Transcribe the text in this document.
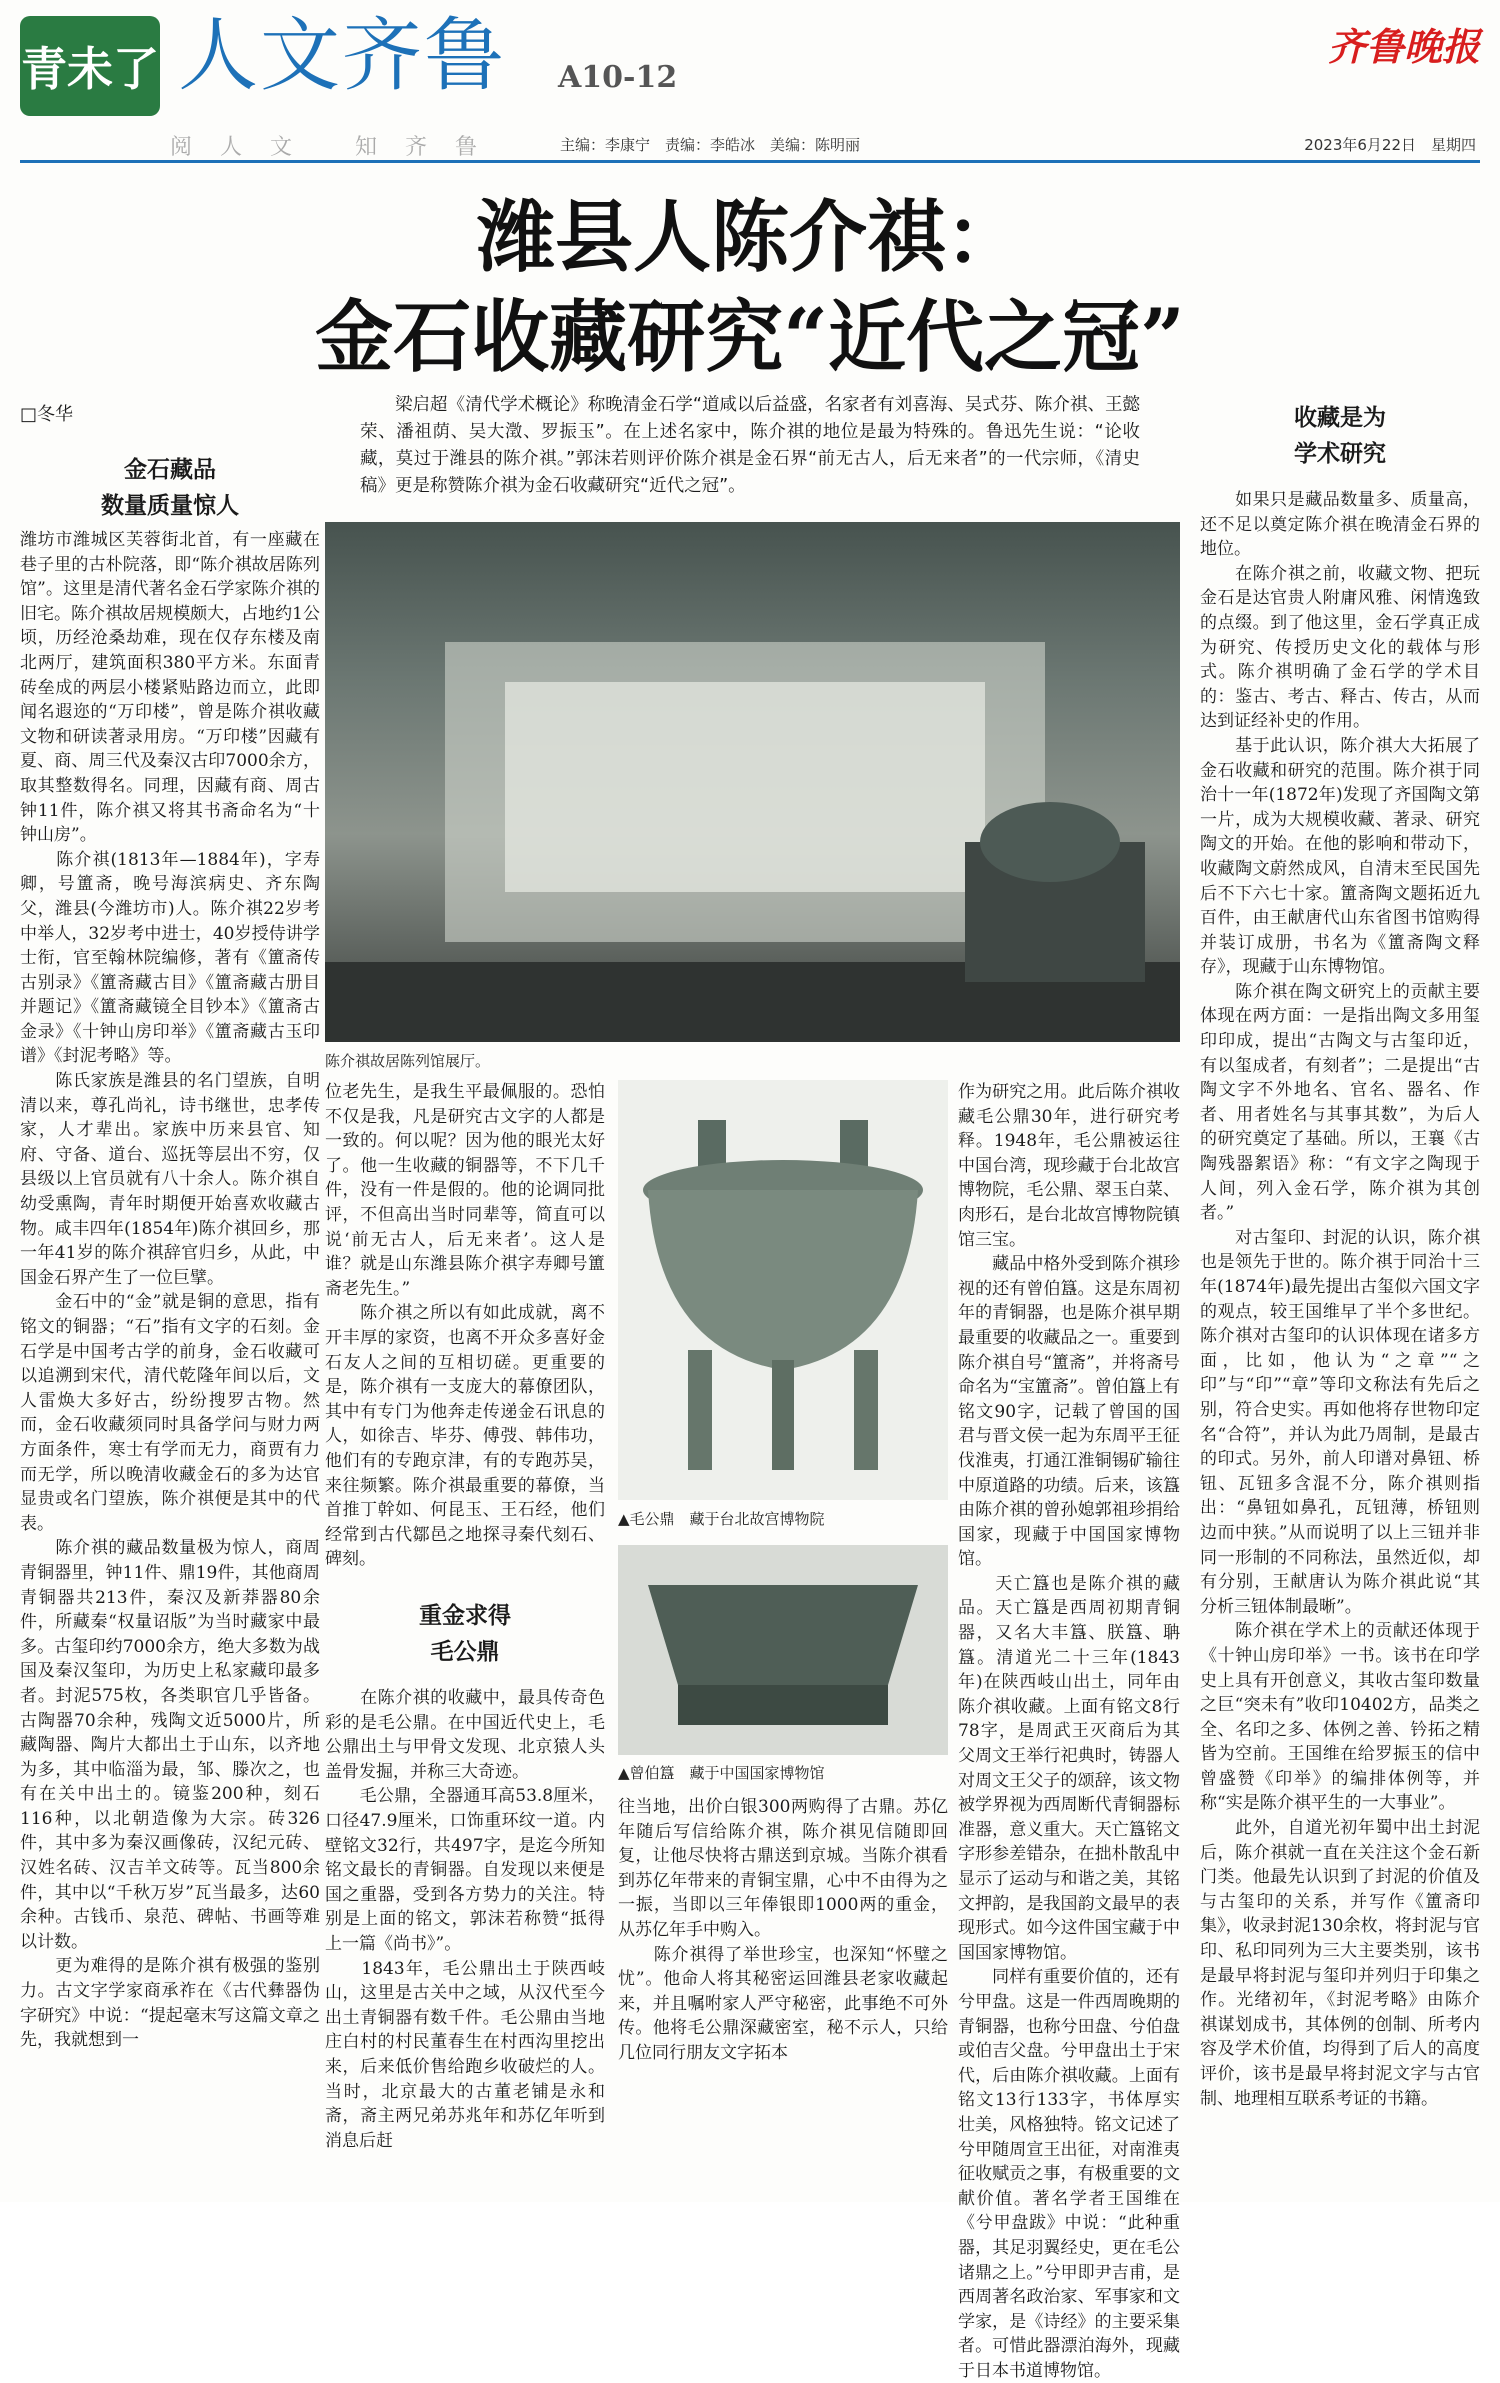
青未了 人文齐鲁 A10-12
齐鲁晚报
阅人文 知齐鲁	主编：李康宁　责编：李皓冰　美编：陈明丽	2023年6月22日　星期四
潍县人陈介祺：
金石收藏研究“近代之冠”
□冬华	梁启超《清代学术概论》称晚清金石学“道咸以后益盛，名家者有刘喜海、吴式芬、陈介祺、王懿荣、潘祖荫、吴大澂、罗振玉”。在上述名家中，陈介祺的地位是最为特殊的。鲁迅先生说：“论收藏，莫过于潍县的陈介祺。”郭沫若则评价陈介祺是金石界“前无古人，后无来者”的一代宗师，《清史稿》更是称赞陈介祺为金石收藏研究“近代之冠”。
金石藏品
数量质量惊人
潍坊市潍城区芙蓉街北首，有一座藏在巷子里的古朴院落，即“陈介祺故居陈列馆”。这里是清代著名金石学家陈介祺的旧宅。陈介祺故居规模颇大，占地约1公顷，历经沧桑劫难，现在仅存东楼及南北两厅，建筑面积380平方米。东面青砖垒成的两层小楼紧贴路边而立，此即闻名遐迩的“万印楼”，曾是陈介祺收藏文物和研读著录用房。“万印楼”因藏有夏、商、周三代及秦汉古印7000余方，取其整数得名。同理，因藏有商、周古钟11件，陈介祺又将其书斋命名为“十钟山房”。
　　陈介祺(1813年—1884年)，字寿卿，号簠斋，晚号海滨病史、齐东陶父，潍县(今潍坊市)人。陈介祺22岁考中举人，32岁考中进士，40岁授侍讲学士衔，官至翰林院编修，著有《簠斋传古别录》《簠斋藏古目》《簠斋藏古册目并题记》《簠斋藏镜全目钞本》《簠斋古金录》《十钟山房印举》《簠斋藏古玉印谱》《封泥考略》等。
　　陈氏家族是潍县的名门望族，自明清以来，尊孔尚礼，诗书继世，忠孝传家，人才辈出。家族中历来县官、知府、守备、道台、巡抚等层出不穷，仅县级以上官员就有八十余人。陈介祺自幼受熏陶，青年时期便开始喜欢收藏古物。咸丰四年(1854年)陈介祺回乡，那一年41岁的陈介祺辞官归乡，从此，中国金石界产生了一位巨擘。
　　金石中的“金”就是铜的意思，指有铭文的铜器；“石”指有文字的石刻。金石学是中国考古学的前身，金石收藏可以追溯到宋代，清代乾隆年间以后，文人雷焕大多好古，纷纷搜罗古物。然而，金石收藏须同时具备学问与财力两方面条件，寒士有学而无力，商贾有力而无学，所以晚清收藏金石的多为达官显贵或名门望族，陈介祺便是其中的代表。
　　陈介祺的藏品数量极为惊人，商周青铜器里，钟11件、鼎19件，其他商周青铜器共213件，秦汉及新莽器80余件，所藏秦“权量诏版”为当时藏家中最多。古玺印约7000余方，绝大多数为战国及秦汉玺印，为历史上私家藏印最多者。封泥575枚，各类职官几乎皆备。古陶器70余种，残陶文近5000片，所藏陶器、陶片大都出土于山东，以齐地为多，其中临淄为最，邹、滕次之，也有在关中出土的。镜鉴200种，刻石116种，以北朝造像为大宗。砖326件，其中多为秦汉画像砖，汉纪元砖、汉姓名砖、汉吉羊文砖等。瓦当800余件，其中以“千秋万岁”瓦当最多，达60余种。古钱币、泉范、碑帖、书画等难以计数。
　　更为难得的是陈介祺有极强的鉴别力。古文字学家商承祚在《古代彝器伪字研究》中说：“提起毫末写这篇文章之先，我就想到一
陈介祺故居陈列馆展厅。
位老先生，是我生平最佩服的。恐怕不仅是我，凡是研究古文字的人都是一致的。何以呢？因为他的眼光太好了。他一生收藏的铜器等，不下几千件，没有一件是假的。他的论调同批评，不但高出当时同辈等，简直可以说‘前无古人，后无来者’。这人是谁？就是山东潍县陈介祺字寿卿号簠斋老先生。”
　　陈介祺之所以有如此成就，离不开丰厚的家资，也离不开众多喜好金石友人之间的互相切磋。更重要的是，陈介祺有一支庞大的幕僚团队，其中有专门为他奔走传递金石讯息的人，如徐吉、毕芬、傅弢、韩伟功，他们有的专跑京津，有的专跑苏吴，来往频繁。陈介祺最重要的幕僚，当首推丁幹如、何昆玉、王石经，他们经常到古代鄒邑之地探寻秦代刻石、碑刻。
重金求得
毛公鼎
　　在陈介祺的收藏中，最具传奇色彩的是毛公鼎。在中国近代史上，毛公鼎出土与甲骨文发现、北京猿人头盖骨发掘，并称三大奇迹。
　　毛公鼎，全器通耳高53.8厘米，口径47.9厘米，口饰重环纹一道。内壁铭文32行，共497字，是迄今所知铭文最长的青铜器。自发现以来便是国之重器，受到各方势力的关注。特别是上面的铭文，郭沫若称赞“抵得上一篇《尚书》”。
　　1843年，毛公鼎出土于陕西岐山，这里是古关中之域，从汉代至今出土青铜器有数千件。毛公鼎由当地庄白村的村民董春生在村西沟里挖出来，后来低价售给跑乡收破烂的人。当时，北京最大的古董老铺是永和斋，斋主两兄弟苏兆年和苏亿年听到消息后赶
▲毛公鼎　藏于台北故宫博物院
▲曾伯簋　藏于中国国家博物馆
往当地，出价白银300两购得了古鼎。苏亿年随后写信给陈介祺，陈介祺见信随即回复，让他尽快将古鼎送到京城。当陈介祺看到苏亿年带来的青铜宝鼎，心中不由得为之一振，当即以三年俸银即1000两的重金，从苏亿年手中购入。
　　陈介祺得了举世珍宝，也深知“怀璧之忧”。他命人将其秘密运回潍县老家收藏起来，并且嘱咐家人严守秘密，此事绝不可外传。他将毛公鼎深藏密室，秘不示人，只给几位同行朋友文字拓本
作为研究之用。此后陈介祺收藏毛公鼎30年，进行研究考释。1948年，毛公鼎被运往中国台湾，现珍藏于台北故宫博物院，毛公鼎、翠玉白菜、肉形石，是台北故宫博物院镇馆三宝。
　　藏品中格外受到陈介祺珍视的还有曾伯簋。这是东周初年的青铜器，也是陈介祺早期最重要的收藏品之一。重要到陈介祺自号“簠斋”，并将斋号命名为“宝簠斋”。曾伯簋上有铭文90字，记载了曾国的国君与晋文侯一起为东周平王征伐淮夷，打通江淮铜锡矿输往中原道路的功绩。后来，该簋由陈介祺的曾孙媳郭祖珍捐给国家，现藏于中国国家博物馆。
　　天亡簋也是陈介祺的藏品。天亡簋是西周初期青铜器，又名大丰簋、朕簋、聃簋。清道光二十三年(1843年)在陕西岐山出土，同年由陈介祺收藏。上面有铭文8行78字，是周武王灭商后为其父周文王举行祀典时，铸器人对周文王父子的颂辞，该文物被学界视为西周断代青铜器标准器，意义重大。天亡簋铭文字形参差错杂，在拙朴散乱中显示了运动与和谐之美，其铭文押韵，是我国韵文最早的表现形式。如今这件国宝藏于中国国家博物馆。
　　同样有重要价值的，还有兮甲盘。这是一件西周晚期的青铜器，也称兮田盘、兮伯盘或伯吉父盘。兮甲盘出土于宋代，后由陈介祺收藏。上面有铭文13行133字，书体厚实壮美，风格独特。铭文记述了兮甲随周宣王出征，对南淮夷征收赋贡之事，有极重要的文献价值。著名学者王国维在《兮甲盘跋》中说：“此种重器，其足羽翼经史，更在毛公诸鼎之上。”兮甲即尹吉甫，是西周著名政治家、军事家和文学家，是《诗经》的主要采集者。可惜此器漂泊海外，现藏于日本书道博物馆。
收藏是为
学术研究
　　如果只是藏品数量多、质量高，还不足以奠定陈介祺在晚清金石界的地位。
　　在陈介祺之前，收藏文物、把玩金石是达官贵人附庸风雅、闲情逸致的点缀。到了他这里，金石学真正成为研究、传授历史文化的载体与形式。陈介祺明确了金石学的学术目的：鉴古、考古、释古、传古，从而达到证经补史的作用。
　　基于此认识，陈介祺大大拓展了金石收藏和研究的范围。陈介祺于同治十一年(1872年)发现了齐国陶文第一片，成为大规模收藏、著录、研究陶文的开始。在他的影响和带动下，收藏陶文蔚然成风，自清末至民国先后不下六七十家。簠斋陶文题拓近九百件，由王献唐代山东省图书馆购得并装订成册，书名为《簠斋陶文释存》，现藏于山东博物馆。
　　陈介祺在陶文研究上的贡献主要体现在两方面：一是指出陶文多用玺印印成，提出“古陶文与古玺印近，有以玺成者，有刻者”；二是提出“古陶文字不外地名、官名、器名、作者、用者姓名与其事其数”，为后人的研究奠定了基础。所以，王襄《古陶残器絮语》称：“有文字之陶现于人间，列入金石学，陈介祺为其创者。”
　　对古玺印、封泥的认识，陈介祺也是领先于世的。陈介祺于同治十三年(1874年)最先提出古玺似六国文字的观点，较王国维早了半个多世纪。陈介祺对古玺印的认识体现在诸多方面，比如，他认为“之章”“之印”与“印”“章”等印文称法有先后之别，符合史实。再如他将存世物印定名“合符”，并认为此乃周制，是最古的印式。另外，前人印谱对鼻钮、桥钮、瓦钮多含混不分，陈介祺则指出：“鼻钮如鼻孔，瓦钮薄，桥钮则边而中狭。”从而说明了以上三钮并非同一形制的不同称法，虽然近似，却有分别，王献唐认为陈介祺此说“其分析三钮体制最晰”。
　　陈介祺在学术上的贡献还体现于《十钟山房印举》一书。该书在印学史上具有开创意义，其收古玺印数量之巨“突未有”收印10402方，品类之全、名印之多、体例之善、钤拓之精皆为空前。王国维在给罗振玉的信中曾盛赞《印举》的编排体例等，并称“实是陈介祺平生的一大事业”。
　　此外，自道光初年蜀中出土封泥后，陈介祺就一直在关注这个金石新门类。他最先认识到了封泥的价值及与古玺印的关系，并写作《簠斋印集》，收录封泥130余枚，将封泥与官印、私印同列为三大主要类别，该书是最早将封泥与玺印并列归于印集之作。光绪初年，《封泥考略》由陈介祺谋划成书，其体例的创制、所考内容及学术价值，均得到了后人的高度评价，该书是最早将封泥文字与古官制、地理相互联系考证的书籍。
